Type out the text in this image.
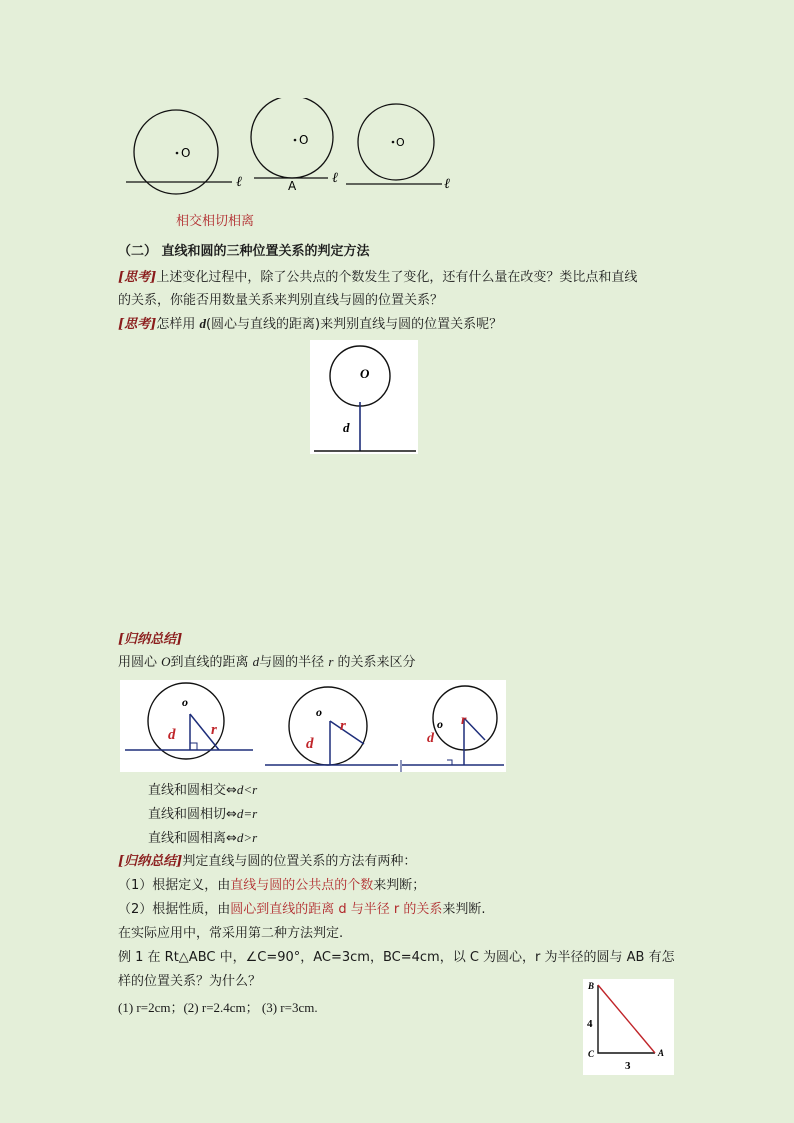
O
O	O
A
ℓ	ℓ	ℓ
相交相切相离
（二） 直线和圆的三种位置关系的判定方法
[思考]上述变化过程中，除了公共点的个数发生了变化，还有什么量在改变？类比点和直线
的关系，你能否用数量关系来判别直线与圆的位置关系？
[思考]怎样用 d(圆心与直线的距离)来判别直线与圆的位置关系呢？
O
d
[归纳总结]
用圆心 O到直线的距离 d与圆的半径 r 的关系来区分
o
o
o
d
d	d
r	r	r
直线和圆相交⇔d<r
直线和圆相切⇔d=r
直线和圆相离⇔d>r
[归纳总结]判定直线与圆的位置关系的方法有两种：
（1）根据定义，由直线与圆的公共点的个数来判断；
（2）根据性质，由圆心到直线的距离 d 与半径 r 的关系来判断.
在实际应用中，常采用第二种方法判定.
例 1 在 Rt△ABC 中，∠C=90°，AC=3cm，BC=4cm，以 C 为圆心，r 为半径的圆与 AB 有怎
样的位置关系？为什么？
(1) r=2cm；(2) r=2.4cm； (3) r=3cm.
B
C	A
4
3
